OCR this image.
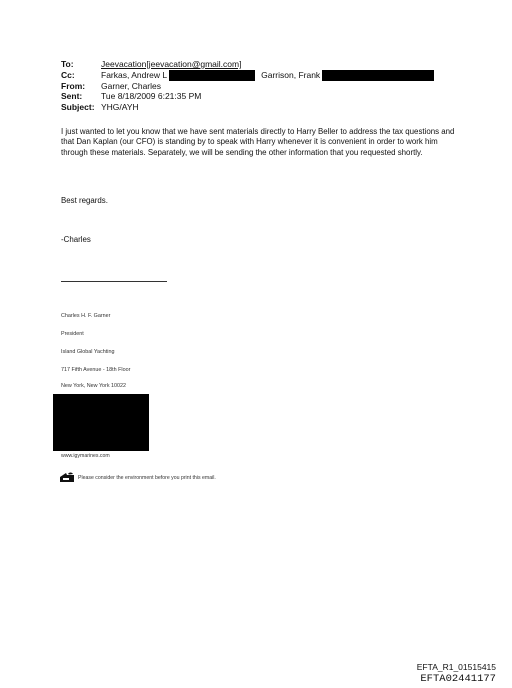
To:	Jeevacation[jeevacation@gmail.com]
Cc:	Farkas, Andrew L	Garrison, Frank
From:	Garner, Charles
Sent:	Tue 8/18/2009 6:21:35 PM
Subject: YHG/AYH
I just wanted to let you know that we have sent materials directly to Harry Beller to address the tax questions and that Dan Kaplan (our CFO) is standing by to speak with Harry whenever it is convenient in order to work him through these materials. Separately, we will be sending the other information that you requested shortly.
Best regards.
-Charles
Charles H. F. Garner
President
Island Global Yachting
717 Fifth Avenue - 18th Floor
New York, New York 10022
www.igymarines.com
Please consider the environment before you print this email.
EFTA_R1_01515415
EFTA02441177
